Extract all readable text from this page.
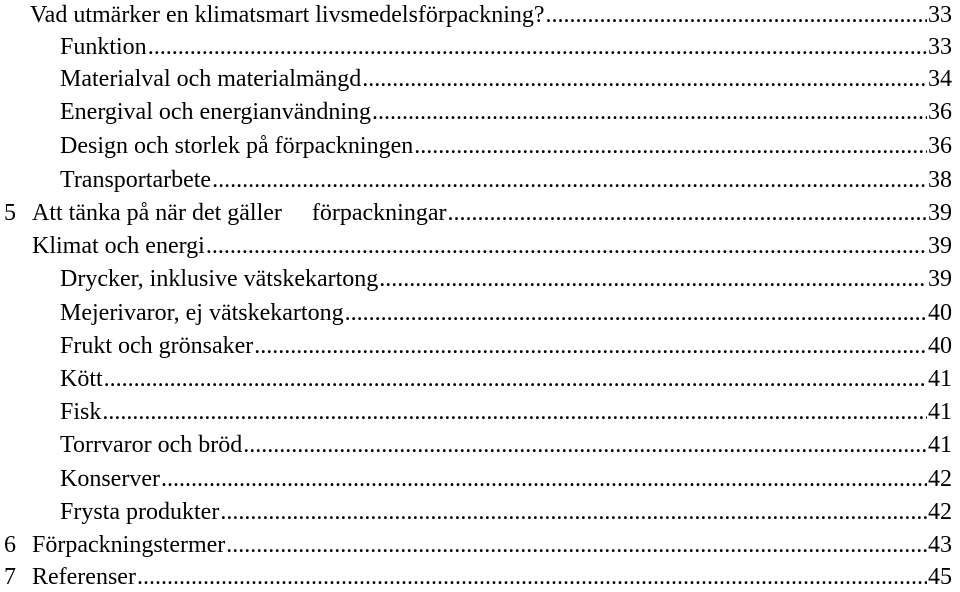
Vad utmärker en klimatsmart livsmedelsförpackning? .....	33
Funktion .....	33
Materialval och materialmängd .....	34
Energival och energianvändning .....	36
Design och storlek på förpackningen .....	36
Transportarbete .....	38
5 Att tänka på när det gäller     förpackningar .....	39
Klimat och energi .....	39
Drycker, inklusive vätskekartong .....	39
Mejerivaror, ej vätskekartong .....	40
Frukt och grönsaker .....	40
Kött .....	41
Fisk .....	41
Torrvaror och bröd .....	41
Konserver .....	42
Frysta produkter .....	42
6 Förpackningstermer .....	43
7 Referenser .....	45
